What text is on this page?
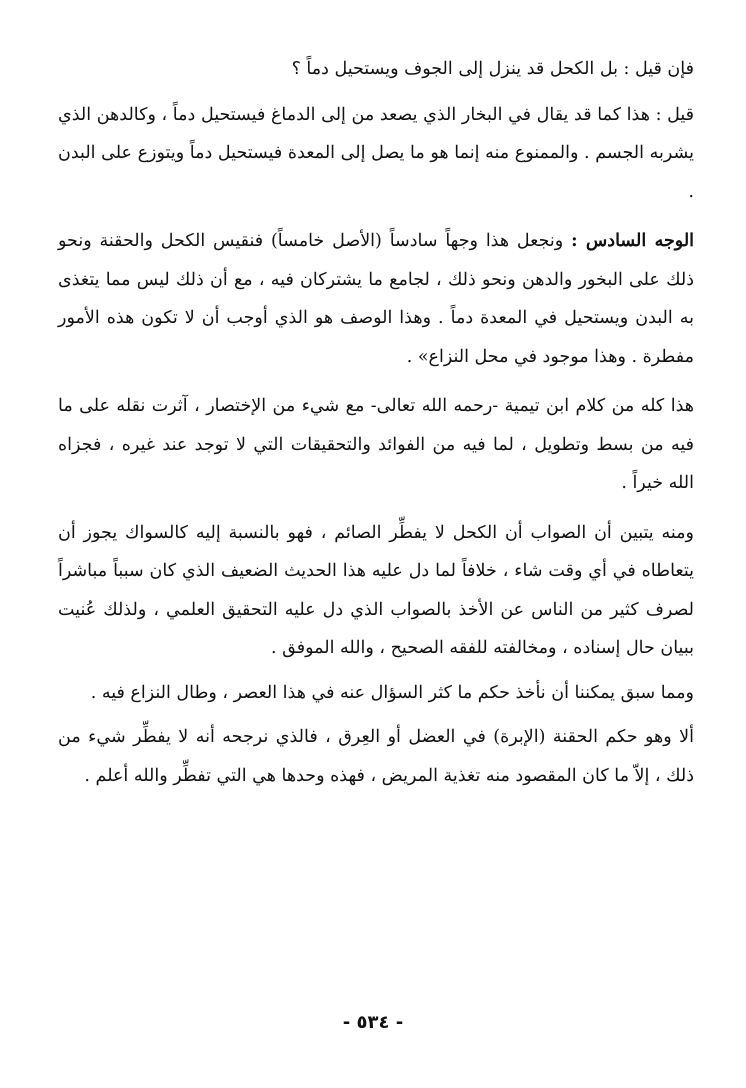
فإن قيل : بل الكحل قد ينزل إلى الجوف ويستحيل دماً ؟

قيل : هذا كما قد يقال في البخار الذي يصعد من إلى الدماغ فيستحيل دماً ، وكالدهن الذي يشربه الجسم . والممنوع منه إنما هو ما يصل إلى المعدة فيستحيل دماً ويتوزع على البدن .

الوجه السادس : ونجعل هذا وجهاً سادساً (الأصل خامساً) فنقيس الكحل والحقنة ونحو ذلك على البخور والدهن ونحو ذلك ، لجامع ما يشتركان فيه ، مع أن ذلك ليس مما يتغذى به البدن ويستحيل في المعدة دماً . وهذا الوصف هو الذي أوجب أن لا تكون هذه الأمور مفطرة . وهذا موجود في محل النزاع» .

هذا كله من كلام ابن تيمية -رحمه الله تعالى- مع شيء من الإختصار ، آثرت نقله على ما فيه من بسط وتطويل ، لما فيه من الفوائد والتحقيقات التي لا توجد عند غيره ، فجزاه الله خيراً .

ومنه يتبين أن الصواب أن الكحل لا يفطِّر الصائم ، فهو بالنسبة إليه كالسواك يجوز أن يتعاطاه في أي وقت شاء ، خلافاً لما دل عليه هذا الحديث الضعيف الذي كان سبباً مباشراً لصرف كثير من الناس عن الأخذ بالصواب الذي دل عليه التحقيق العلمي ، ولذلك عُنيت ببيان حال إسناده ، ومخالفته للفقه الصحيح ، والله الموفق .

ومما سبق يمكننا أن نأخذ حكم ما كثر السؤال عنه في هذا العصر ، وطال النزاع فيه .

ألا وهو حكم الحقنة (الإبرة) في العضل أو العِرق ، فالذي نرجحه أنه لا يفطِّر شيء من ذلك ، إلاّ ما كان المقصود منه تغذية المريض ، فهذه وحدها هي التي تفطِّر والله أعلم .

- ٥٣٤ -
